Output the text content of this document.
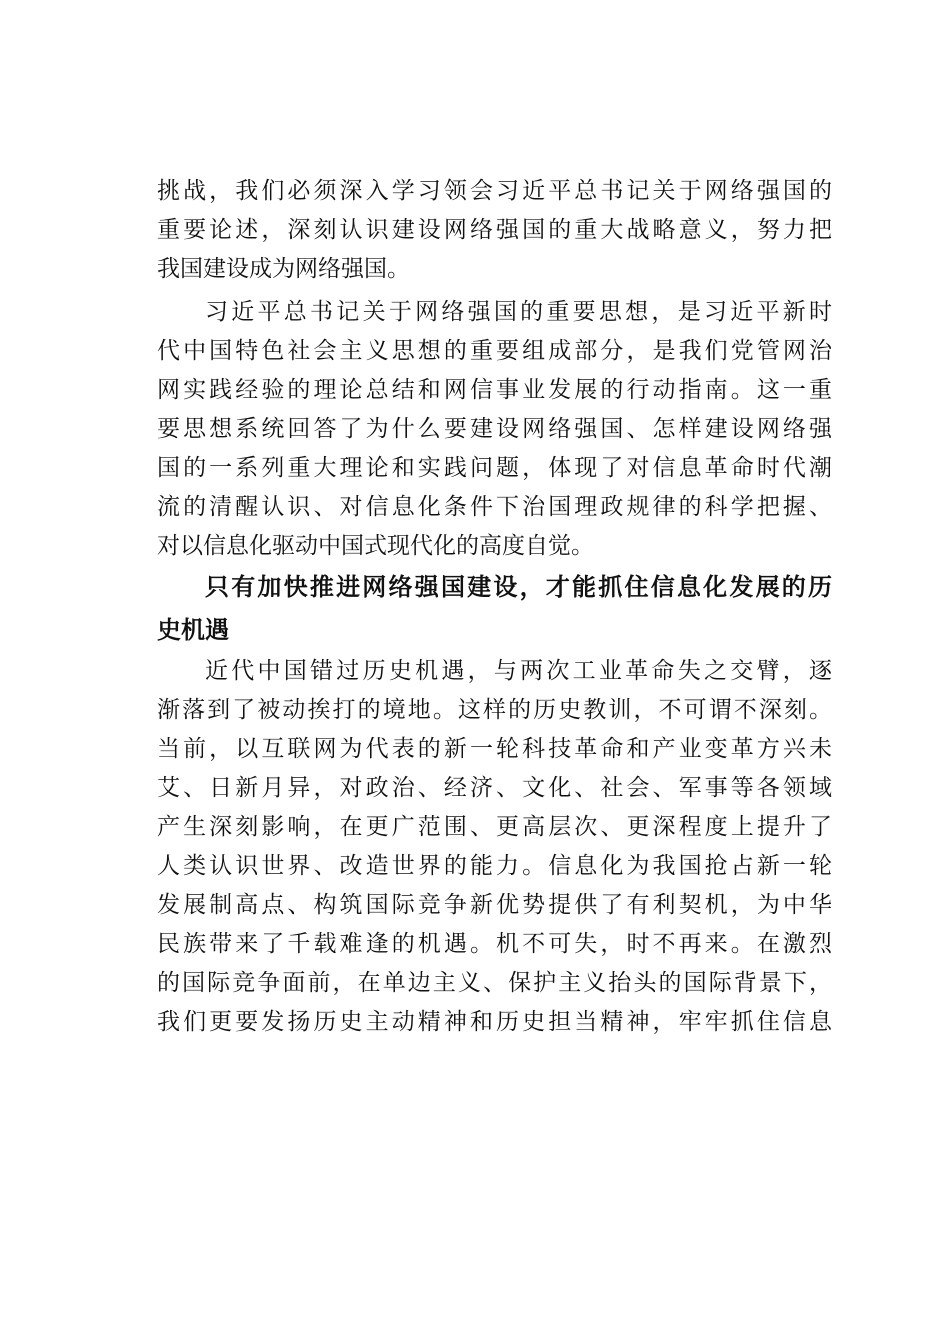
挑战，我们必须深入学习领会习近平总书记关于网络强国的
重要论述，深刻认识建设网络强国的重大战略意义，努力把
我国建设成为网络强国。
习近平总书记关于网络强国的重要思想，是习近平新时
代中国特色社会主义思想的重要组成部分，是我们党管网治
网实践经验的理论总结和网信事业发展的行动指南。这一重
要思想系统回答了为什么要建设网络强国、怎样建设网络强
国的一系列重大理论和实践问题，体现了对信息革命时代潮
流的清醒认识、对信息化条件下治国理政规律的科学把握、
对以信息化驱动中国式现代化的高度自觉。
只有加快推进网络强国建设，才能抓住信息化发展的历
史机遇
近代中国错过历史机遇，与两次工业革命失之交臂，逐
渐落到了被动挨打的境地。这样的历史教训，不可谓不深刻。
当前，以互联网为代表的新一轮科技革命和产业变革方兴未
艾、日新月异，对政治、经济、文化、社会、军事等各领域
产生深刻影响，在更广范围、更高层次、更深程度上提升了
人类认识世界、改造世界的能力。信息化为我国抢占新一轮
发展制高点、构筑国际竞争新优势提供了有利契机，为中华
民族带来了千载难逢的机遇。机不可失，时不再来。在激烈
的国际竞争面前，在单边主义、保护主义抬头的国际背景下，
我们更要发扬历史主动精神和历史担当精神，牢牢抓住信息
